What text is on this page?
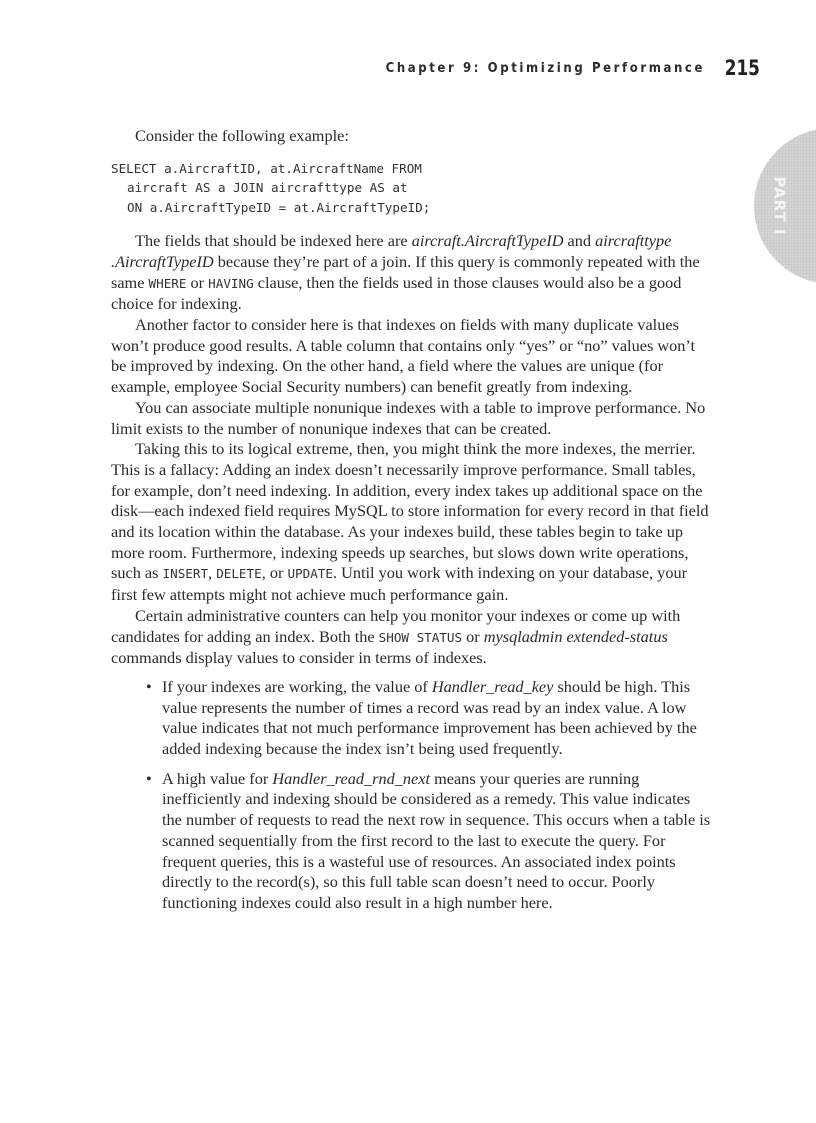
Chapter 9: Optimizing Performance 215
PART I

Consider the following example:

SELECT a.AircraftID, at.AircraftName FROM
aircraft AS a JOIN aircrafttype AS at
ON a.AircraftTypeID = at.AircraftTypeID;

The fields that should be indexed here are aircraft.AircraftTypeID and aircrafttype .AircraftTypeID because they’re part of a join. If this query is commonly repeated with the same WHERE or HAVING clause, then the fields used in those clauses would also be a good choice for indexing.

Another factor to consider here is that indexes on fields with many duplicate values won’t produce good results. A table column that contains only “yes” or “no” values won’t be improved by indexing. On the other hand, a field where the values are unique (for example, employee Social Security numbers) can benefit greatly from indexing.

You can associate multiple nonunique indexes with a table to improve performance. No limit exists to the number of nonunique indexes that can be created.

Taking this to its logical extreme, then, you might think the more indexes, the merrier. This is a fallacy: Adding an index doesn’t necessarily improve performance. Small tables, for example, don’t need indexing. In addition, every index takes up additional space on the disk—each indexed field requires MySQL to store information for every record in that field and its location within the database. As your indexes build, these tables begin to take up more room. Furthermore, indexing speeds up searches, but slows down write operations, such as INSERT, DELETE, or UPDATE. Until you work with indexing on your database, your first few attempts might not achieve much performance gain.

Certain administrative counters can help you monitor your indexes or come up with candidates for adding an index. Both the SHOW STATUS or mysqladmin extended-status commands display values to consider in terms of indexes.

• If your indexes are working, the value of Handler_read_key should be high. This value represents the number of times a record was read by an index value. A low value indicates that not much performance improvement has been achieved by the added indexing because the index isn’t being used frequently.
• A high value for Handler_read_rnd_next means your queries are running inefficiently and indexing should be considered as a remedy. This value indicates the number of requests to read the next row in sequence. This occurs when a table is scanned sequentially from the first record to the last to execute the query. For frequent queries, this is a wasteful use of resources. An associated index points directly to the record(s), so this full table scan doesn’t need to occur. Poorly functioning indexes could also result in a high number here.
